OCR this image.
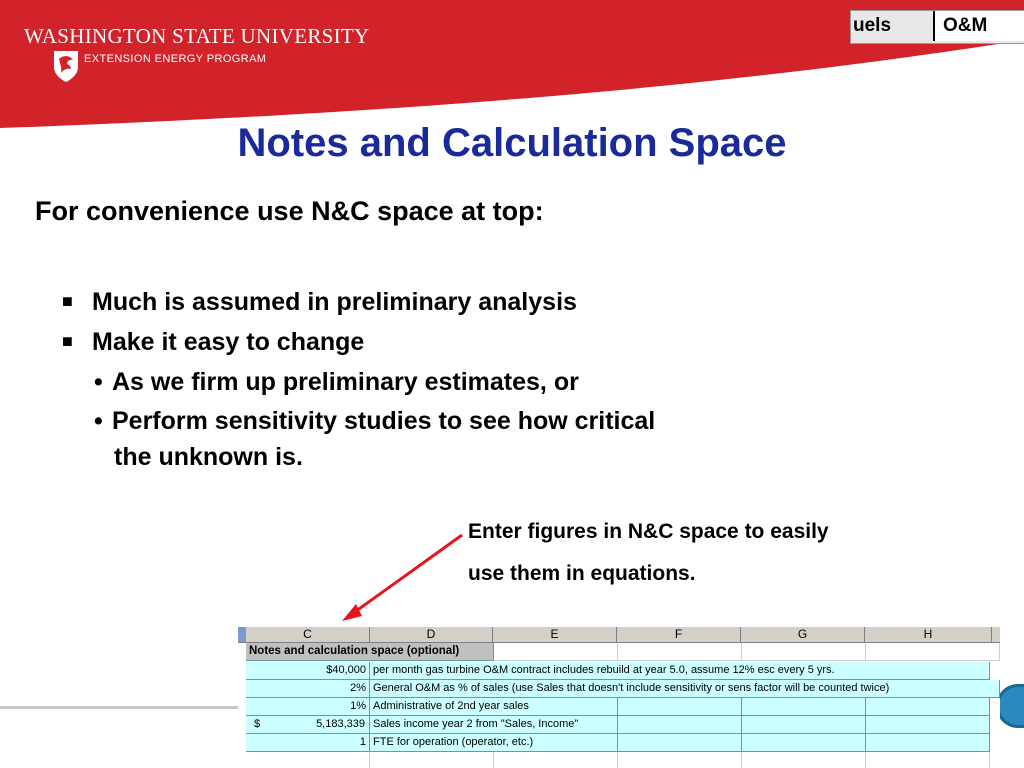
WASHINGTON STATE UNIVERSITY
EXTENSION ENERGY PROGRAM
uels	O&M
Notes and Calculation Space
For convenience use N&C space at top:
■ Much is assumed in preliminary analysis
■ Make it easy to change
• As we firm up preliminary estimates, or
• Perform sensitivity studies to see how critical
the unknown is.
Enter figures in N&C space to easily
use them in equations.
C	D	E	F	G	H
Notes and calculation space (optional)
$40,000 per month gas turbine O&M contract includes rebuild at year 5.0, assume 12% esc every 5 yrs.
2% General O&M as % of sales (use Sales that doesn't include sensitivity or sens factor will be counted twice)
1% Administrative of 2nd year sales
$	5,183,339 Sales income year 2 from "Sales, Income"
1 FTE for operation (operator, etc.)
